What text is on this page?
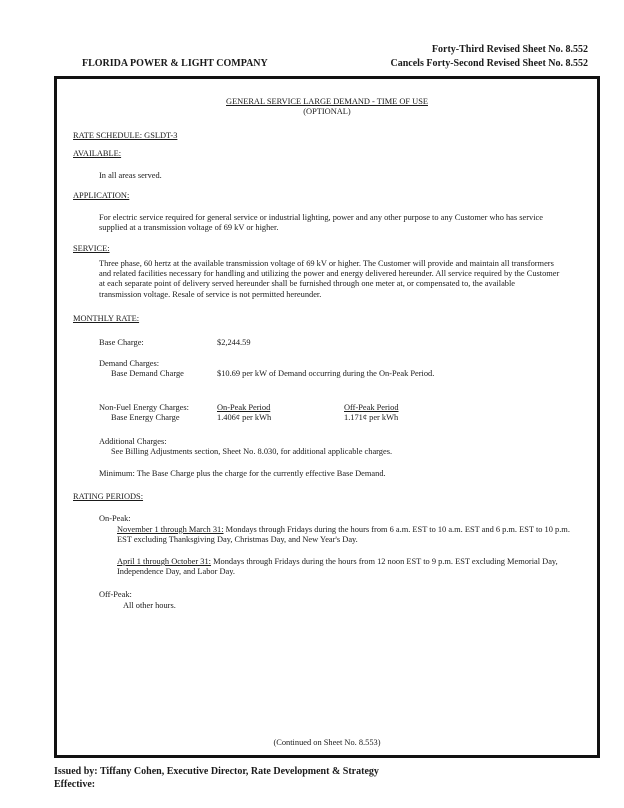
FLORIDA POWER & LIGHT COMPANY
Forty-Third Revised Sheet No. 8.552
Cancels Forty-Second Revised Sheet No. 8.552
GENERAL SERVICE LARGE DEMAND - TIME OF USE
(OPTIONAL)
RATE SCHEDULE: GSLDT-3
AVAILABLE:
In all areas served.
APPLICATION:
For electric service required for general service or industrial lighting, power and any other purpose to any Customer who has service
supplied at a transmission voltage of 69 kV or higher.
SERVICE:
Three phase, 60 hertz at the available transmission voltage of 69 kV or higher. The Customer will provide and maintain all transformers
and related facilities necessary for handling and utilizing the power and energy delivered hereunder. All service required by the Customer
at each separate point of delivery served hereunder shall be furnished through one meter at, or compensated to, the available
transmission voltage. Resale of service is not permitted hereunder.
MONTHLY RATE:
Base Charge:	$2,244.59
Demand Charges:
Base Demand Charge	$10.69 per kW of Demand occurring during the On-Peak Period.
Non-Fuel Energy Charges:	On-Peak Period	Off-Peak Period
Base Energy Charge	1.406¢ per kWh	1.171¢ per kWh
Additional Charges:
See Billing Adjustments section, Sheet No. 8.030, for additional applicable charges.
Minimum: The Base Charge plus the charge for the currently effective Base Demand.
RATING PERIODS:
On-Peak:
November 1 through March 31: Mondays through Fridays during the hours from 6 a.m. EST to 10 a.m. EST and 6 p.m. EST to 10 p.m.
EST excluding Thanksgiving Day, Christmas Day, and New Year's Day.
April 1 through October 31: Mondays through Fridays during the hours from 12 noon EST to 9 p.m. EST excluding Memorial Day,
Independence Day, and Labor Day.
Off-Peak:
All other hours.
(Continued on Sheet No. 8.553)
Issued by: Tiffany Cohen, Executive Director, Rate Development & Strategy
Effective:
